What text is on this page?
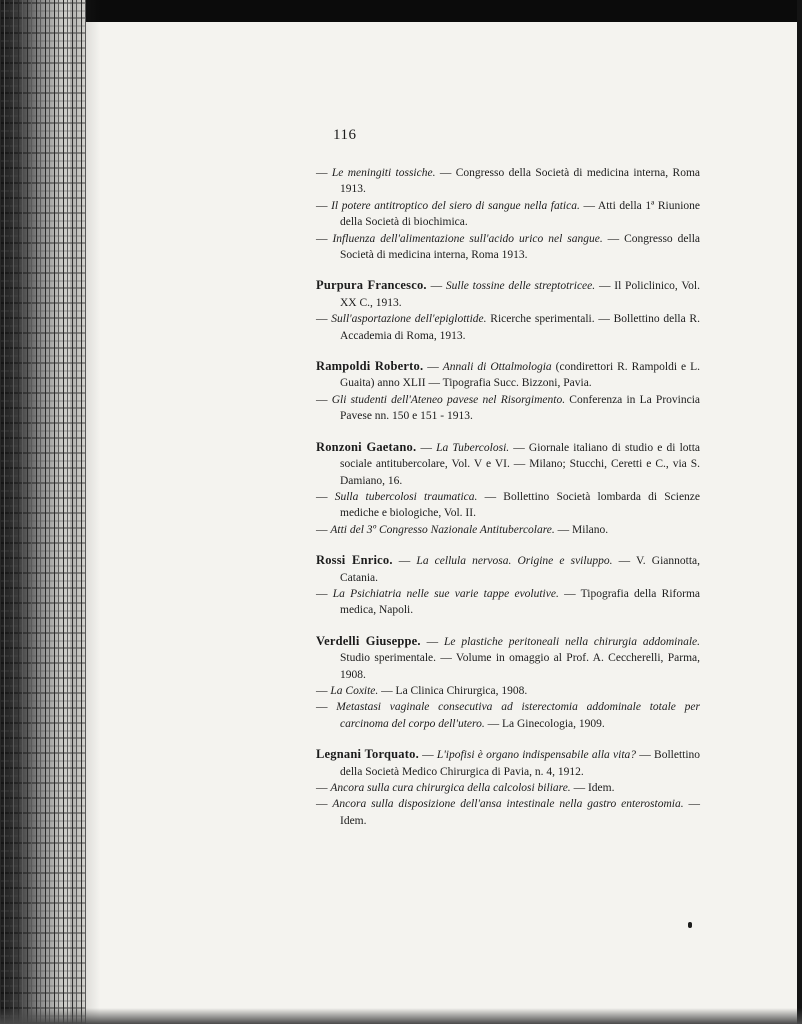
116

— Le meningiti tossiche. — Congresso della Società di medicina interna, Roma 1913.

— Il potere antitroptico del siero di sangue nella fatica. — Atti della 1ª Riunione della Società di biochimica.

— Influenza dell'alimentazione sull'acido urico nel sangue. — Congresso della Società di medicina interna, Roma 1913.

Purpura Francesco. — Sulle tossine delle streptotricee. — Il Policlinico, Vol. XX C., 1913.

— Sull'asportazione dell'epiglottide. Ricerche sperimentali. — Bollettino della R. Accademia di Roma, 1913.

Rampoldi Roberto. — Annali di Ottalmologia (condirettori R. Rampoldi e L. Guaita) anno XLII — Tipografia Succ. Bizzoni, Pavia.

— Gli studenti dell'Ateneo pavese nel Risorgimento. Conferenza in La Provincia Pavese nn. 150 e 151 - 1913.

Ronzoni Gaetano. — La Tubercolosi. — Giornale italiano di studio e di lotta sociale antitubercolare, Vol. V e VI. — Milano; Stucchi, Ceretti e C., via S. Damiano, 16.

— Sulla tubercolosi traumatica. — Bollettino Società lombarda di Scienze mediche e biologiche, Vol. II.

— Atti del 3º Congresso Nazionale Antitubercolare. — Milano.

Rossi Enrico. — La cellula nervosa. Origine e sviluppo. — V. Giannotta, Catania.

— La Psichiatria nelle sue varie tappe evolutive. — Tipografia della Riforma medica, Napoli.

Verdelli Giuseppe. — Le plastiche peritoneali nella chirurgia addominale. Studio sperimentale. — Volume in omaggio al Prof. A. Ceccherelli, Parma, 1908.

— La Coxite. — La Clinica Chirurgica, 1908.

— Metastasi vaginale consecutiva ad isterectomia addominale totale per carcinoma del corpo dell'utero. — La Ginecologia, 1909.

Legnani Torquato. — L'ipofisi è organo indispensabile alla vita? — Bollettino della Società Medico Chirurgica di Pavia, n. 4, 1912.

— Ancora sulla cura chirurgica della calcolosi biliare. — Idem.

— Ancora sulla disposizione dell'ansa intestinale nella gastro enterostomia. — Idem.
